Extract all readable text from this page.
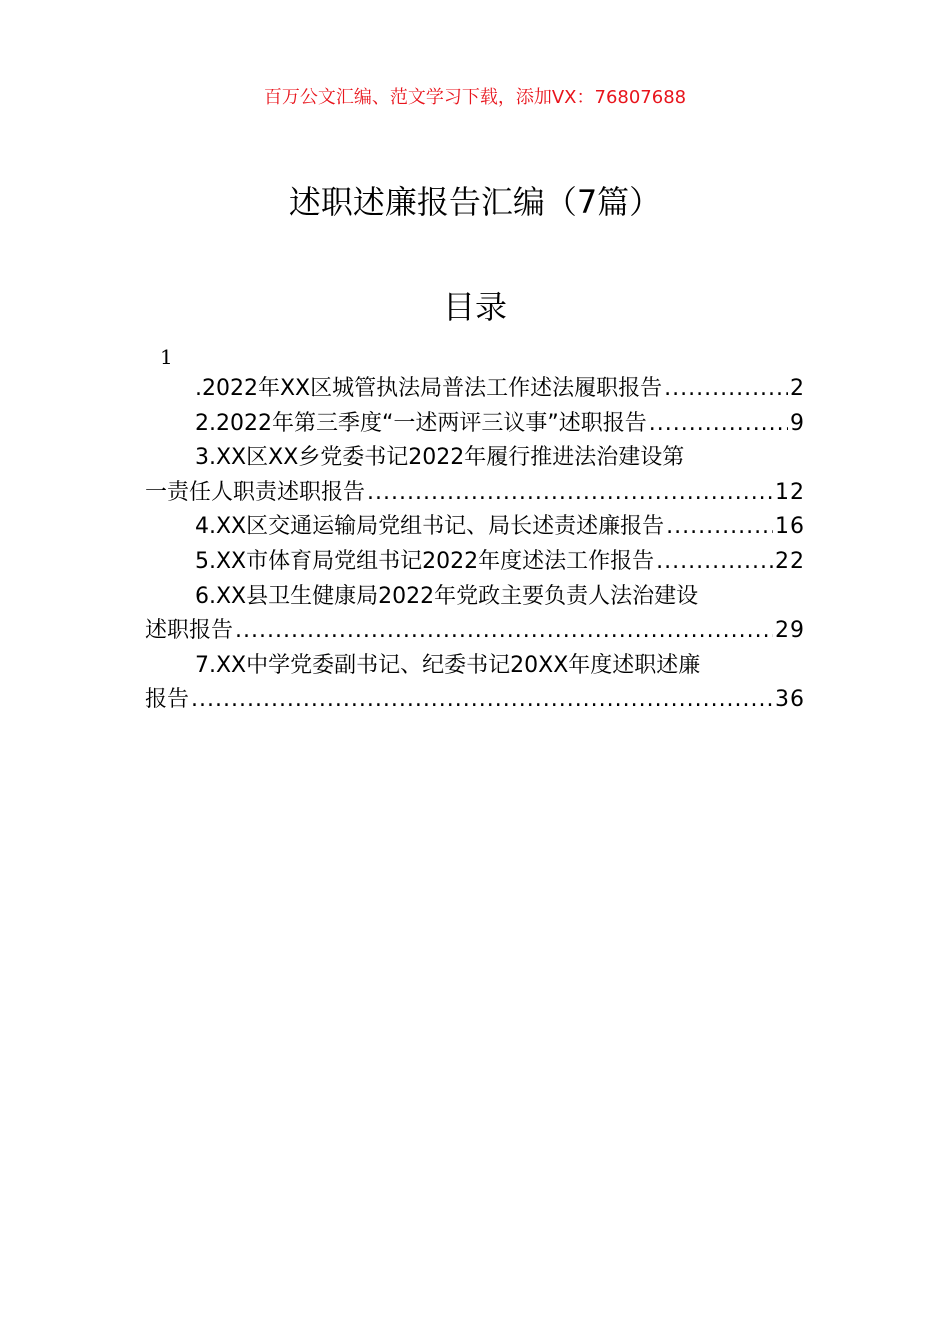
百万公文汇编、范文学习下载，添加VX：76807688
述职述廉报告汇编（7篇）
目录
1
.2022年XX区城管执法局普法工作述法履职报告 .....	2
2.2022年第三季度“一述两评三议事”述职报告 .....	9
3.XX区XX乡党委书记2022年履行推进法治建设第
一责任人职责述职报告 .....	12
4.XX区交通运输局党组书记、局长述责述廉报告 .....	16
5.XX市体育局党组书记2022年度述法工作报告 .....	22
6.XX县卫生健康局2022年党政主要负责人法治建设
述职报告 .....	29
7.XX中学党委副书记、纪委书记20XX年度述职述廉
报告 .....	36
